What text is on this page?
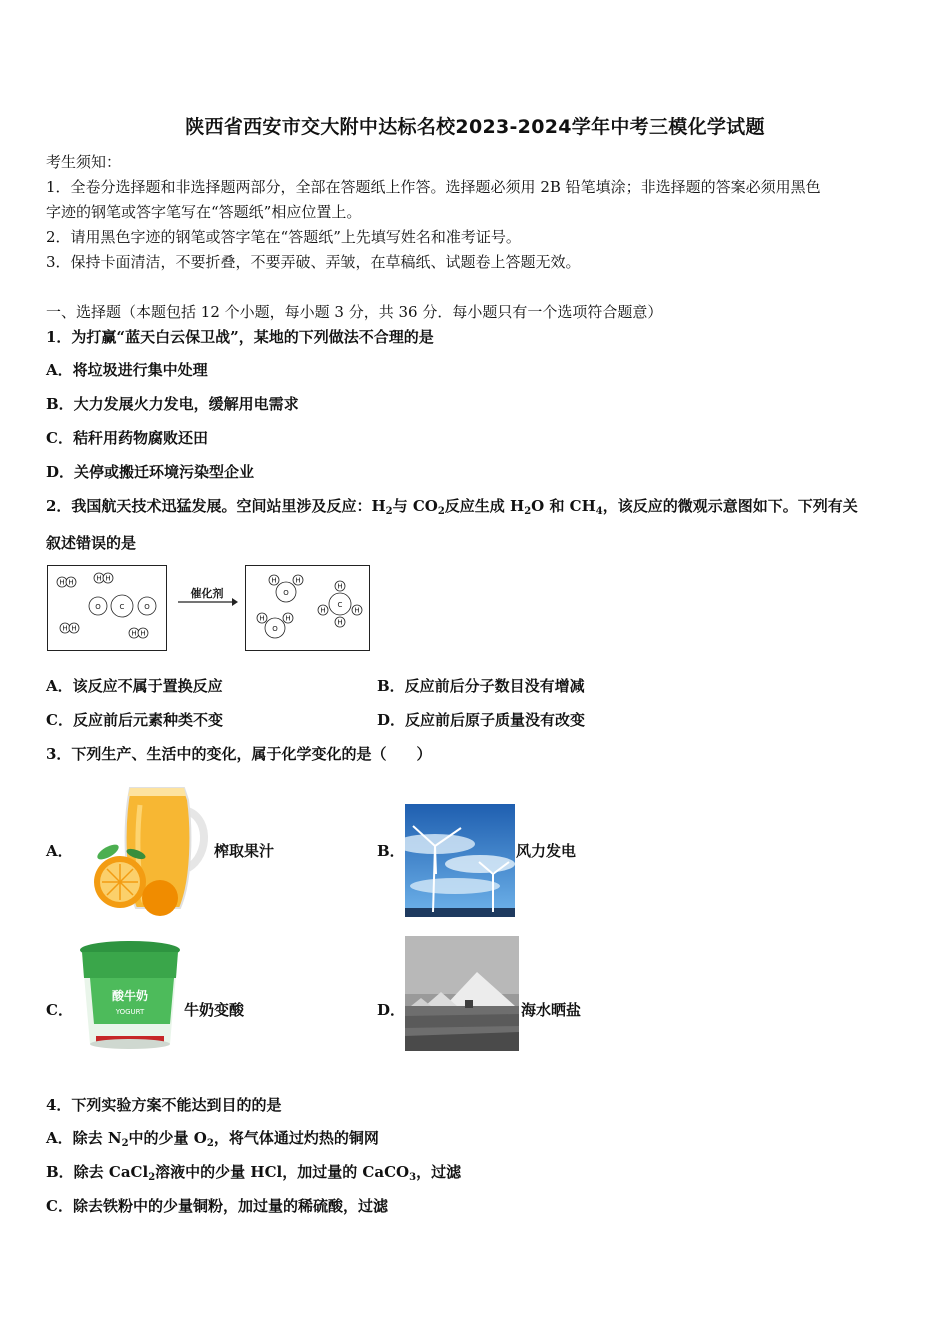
陕西省西安市交大附中达标名校2023-2024学年中考三模化学试题
考生须知：
1．全卷分选择题和非选择题两部分，全部在答题纸上作答。选择题必须用 2B 铅笔填涂；非选择题的答案必须用黑色
字迹的钢笔或答字笔写在“答题纸”相应位置上。
2．请用黑色字迹的钢笔或答字笔在“答题纸”上先填写姓名和准考证号。
3．保持卡面清洁，不要折叠，不要弄破、弄皱，在草稿纸、试题卷上答题无效。
一、选择题（本题包括 12 个小题，每小题 3 分，共 36 分．每小题只有一个选项符合题意）
1．为打赢“蓝天白云保卫战”，某地的下列做法不合理的是
A．将垃圾进行集中处理
B．大力发展火力发电，缓解用电需求
C．秸秆用药物腐败还田
D．关停或搬迁环境污染型企业
2．我国航天技术迅猛发展。空间站里涉及反应：$H_2$与 $CO_2$反应生成 $H_2O$ 和 $CH_4$，该反应的微观示意图如下。下列有关
叙述错误的是
H H	H H
H H
H H
O	C	O
催化剂	O
H	H
O
H	H
C
H
H	H
H
A．该反应不属于置换反应	B．反应前后分子数目没有增减
C．反应前后元素种类不变	D．反应前后原子质量没有改变
3．下列生产、生活中的变化，属于化学变化的是（　　）
A．	榨取果汁	B．	风力发电
C．
酸牛奶
YOGURT	牛奶变酸	D．	海水晒盐
4．下列实验方案不能达到目的的是
A．除去 $N_2$中的少量 $O_2$，将气体通过灼热的铜网
B．除去 CaCl$_2$溶液中的少量 HCl，加过量的 CaCO$_3$，过滤
C．除去铁粉中的少量铜粉，加过量的稀硫酸，过滤
